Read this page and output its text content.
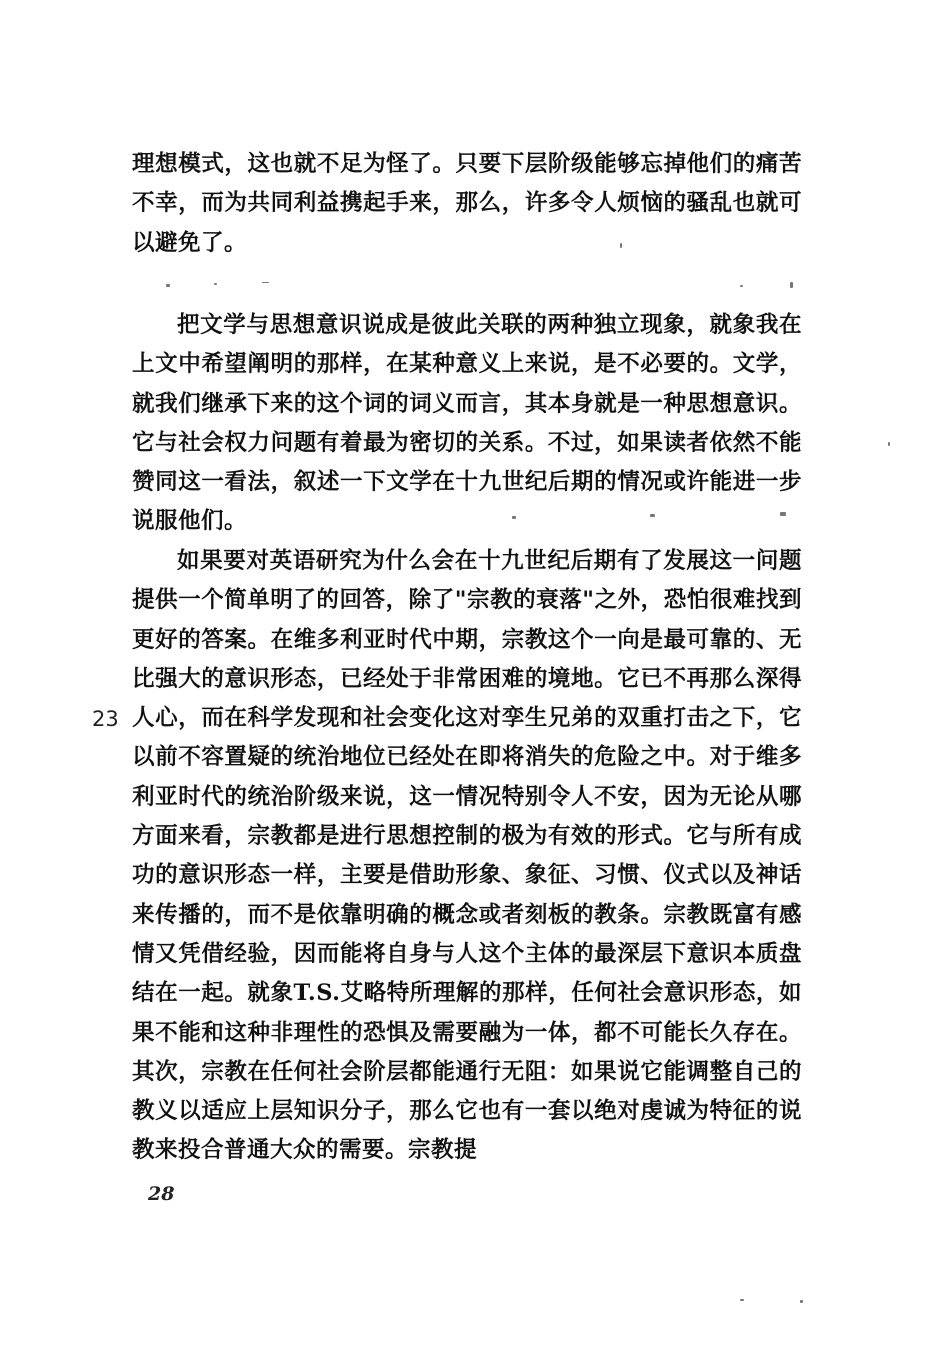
理想模式，这也就不足为怪了。只要下层阶级能够忘掉他们的痛苦不幸，而为共同利益携起手来，那么，许多令人烦恼的骚乱也就可以避免了。

把文学与思想意识说成是彼此关联的两种独立现象，就象我在上文中希望阐明的那样，在某种意义上来说，是不必要的。文学，就我们继承下来的这个词的词义而言，其本身就是一种思想意识。它与社会权力问题有着最为密切的关系。不过，如果读者依然不能赞同这一看法，叙述一下文学在十九世纪后期的情况或许能进一步说服他们。

如果要对英语研究为什么会在十九世纪后期有了发展这一问题提供一个简单明了的回答，除了"宗教的衰落"之外，恐怕很难找到更好的答案。在维多利亚时代中期，宗教这个一向是最可靠的、无比强大的意识形态，已经处于非常困难的境地。它已不再那么深得人心，而在科学发现和社会变化这对孪生兄弟的双重打击之下，它以前不容置疑的统治地位已经处在即将消失的危险之中。对于维多利亚时代的统治阶级来说，这一情况特别令人不安，因为无论从哪方面来看，宗教都是进行思想控制的极为有效的形式。它与所有成功的意识形态一样，主要是借助形象、象征、习惯、仪式以及神话来传播的，而不是依靠明确的概念或者刻板的教条。宗教既富有感情又凭借经验，因而能将自身与人这个主体的最深层下意识本质盘结在一起。就象T.S.艾略特所理解的那样，任何社会意识形态，如果不能和这种非理性的恐惧及需要融为一体，都不可能长久存在。其次，宗教在任何社会阶层都能通行无阻：如果说它能调整自己的教义以适应上层知识分子，那么它也有一套以绝对虔诚为特征的说教来投合普通大众的需要。宗教提

23
28
